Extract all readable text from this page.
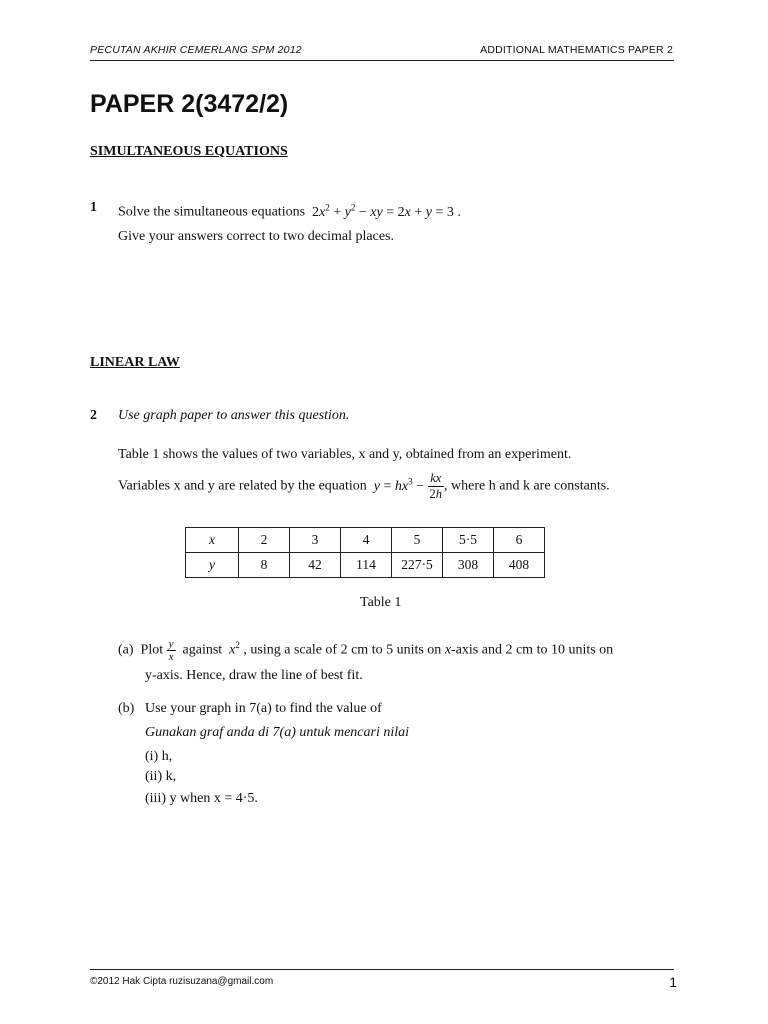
PECUTAN AKHIR CEMERLANG SPM 2012	ADDITIONAL MATHEMATICS PAPER 2
PAPER 2(3472/2)
SIMULTANEOUS EQUATIONS
1 Solve the simultaneous equations  $2x^2 + y^2$ − xy = 2x + y = 3 .
Give your answers correct to two decimal places.
LINEAR LAW
2 Use graph paper to answer this question.
Table 1 shows the values of two variables, x and y, obtained from an experiment.
Variables x and y are related by the equation $y = hx^3 - \frac{kx}{2h}$ , where h and k are constants.
x	2	3	4	5	5·5	6
y	8	42	114	227·5	308	408
Table 1
(a)  Plot $\frac{y}{x}$ against  $x^2$ , using a scale of 2 cm to 5 units on x-axis and 2 cm to 10 units on
y-axis. Hence, draw the line of best fit.
(b) Use your graph in 7(a) to find the value of
Gunakan graf anda di 7(a) untuk mencari nilai
(i) h,
(ii) k,
(iii) y when x = 4·5.
©2012 Hak Cipta ruzisuzana@gmail.com	1
